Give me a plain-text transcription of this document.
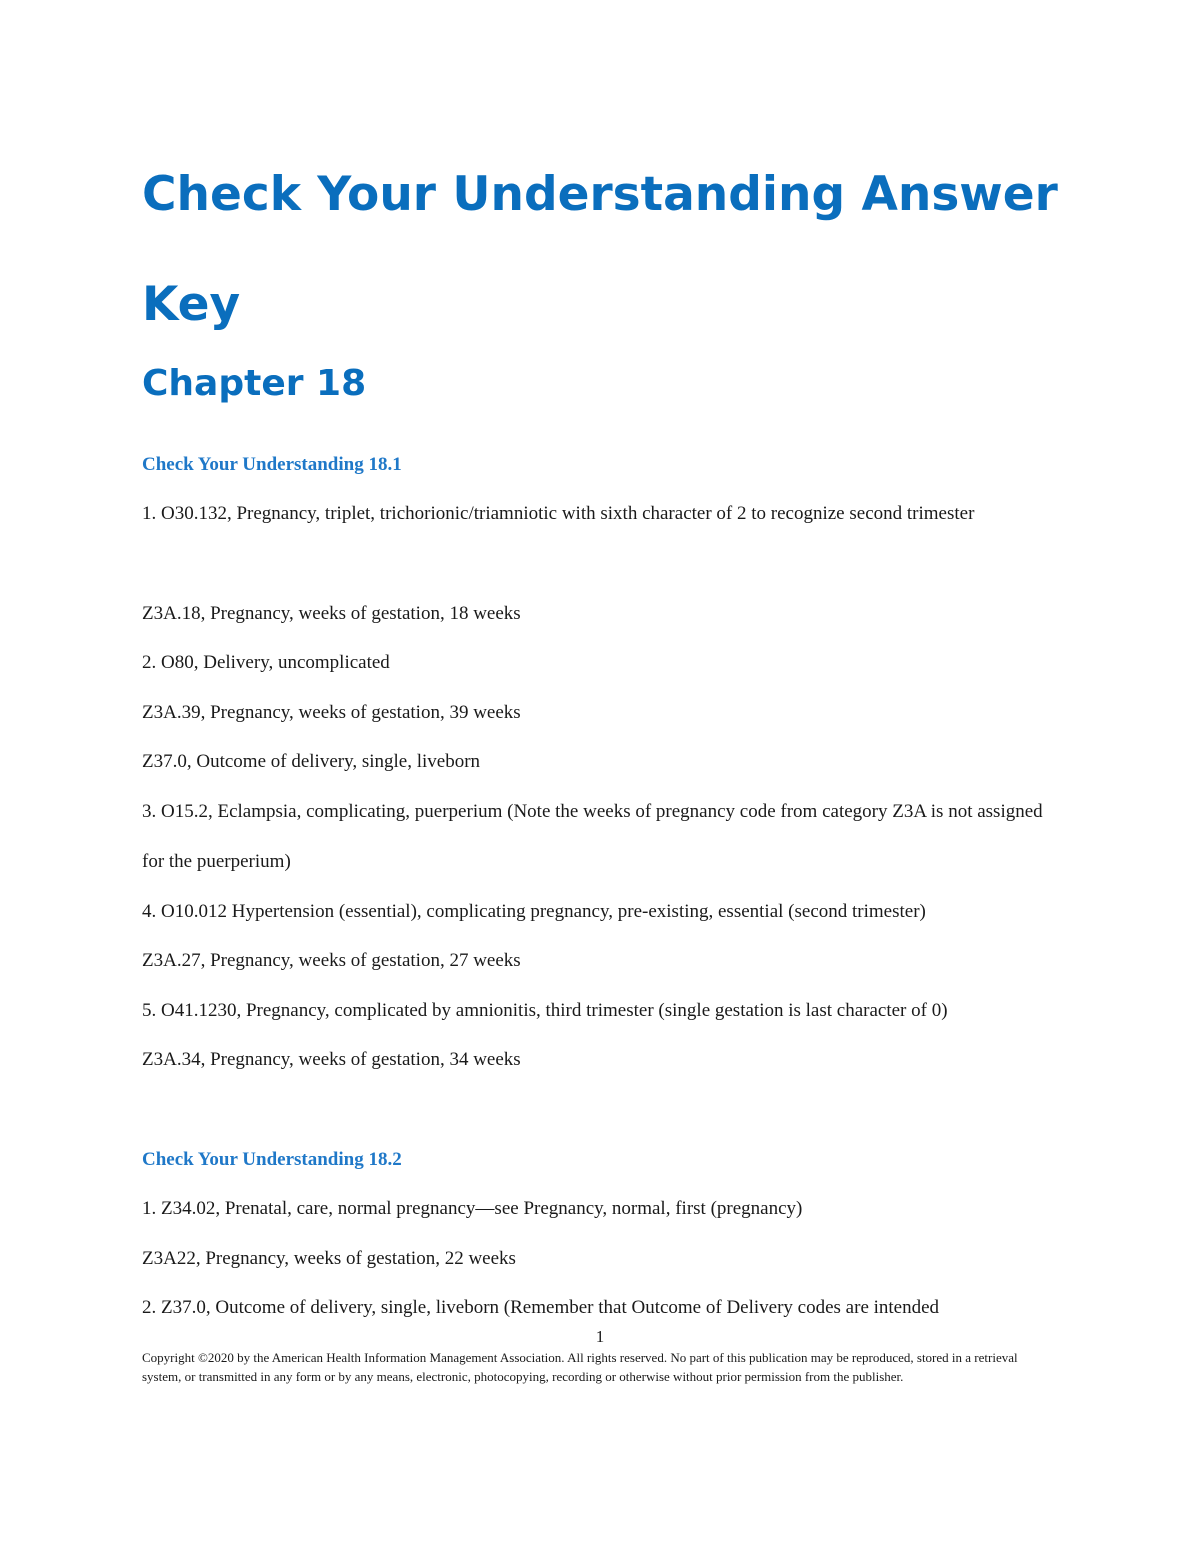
Check Your Understanding Answer Key
Chapter 18
Check Your Understanding 18.1

1. O30.132, Pregnancy, triplet, trichorionic/triamniotic with sixth character of 2 to recognize second trimester

Z3A.18, Pregnancy, weeks of gestation, 18 weeks

2. O80, Delivery, uncomplicated

Z3A.39, Pregnancy, weeks of gestation, 39 weeks

Z37.0, Outcome of delivery, single, liveborn

3. O15.2, Eclampsia, complicating, puerperium (Note the weeks of pregnancy code from category Z3A is not assigned for the puerperium)

4. O10.012 Hypertension (essential), complicating pregnancy, pre-existing, essential (second trimester)

Z3A.27, Pregnancy, weeks of gestation, 27 weeks

5. O41.1230, Pregnancy, complicated by amnionitis, third trimester (single gestation is last character of 0)

Z3A.34, Pregnancy, weeks of gestation, 34 weeks

Check Your Understanding 18.2

1. Z34.02, Prenatal, care, normal pregnancy—see Pregnancy, normal, first (pregnancy)

Z3A22, Pregnancy, weeks of gestation, 22 weeks

2. Z37.0, Outcome of delivery, single, liveborn (Remember that Outcome of Delivery codes are intended

1

Copyright ©2020 by the American Health Information Management Association. All rights reserved. No part of this publication may be reproduced, stored in a retrieval system, or transmitted in any form or by any means, electronic, photocopying, recording or otherwise without prior permission from the publisher.
